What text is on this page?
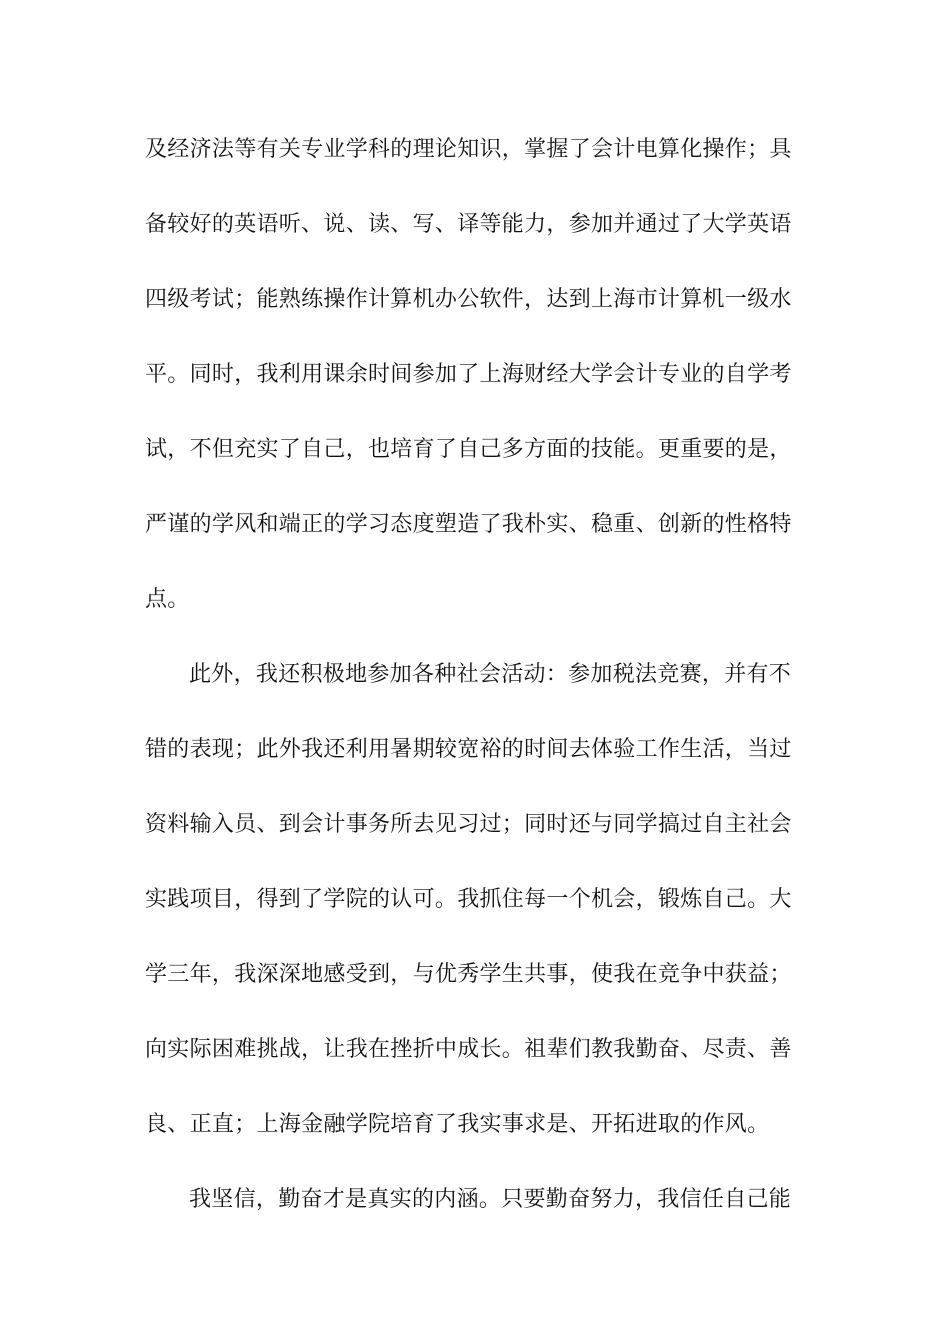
及经济法等有关专业学科的理论知识，掌握了会计电算化操作；具
备较好的英语听、说、读、写、译等能力，参加并通过了大学英语
四级考试；能熟练操作计算机办公软件，达到上海市计算机一级水
平。同时，我利用课余时间参加了上海财经大学会计专业的自学考
试，不但充实了自己，也培育了自己多方面的技能。更重要的是，
严谨的学风和端正的学习态度塑造了我朴实、稳重、创新的性格特
点。
此外，我还积极地参加各种社会活动：参加税法竞赛，并有不
错的表现；此外我还利用暑期较宽裕的时间去体验工作生活，当过
资料输入员、到会计事务所去见习过；同时还与同学搞过自主社会
实践项目，得到了学院的认可。我抓住每一个机会，锻炼自己。大
学三年，我深深地感受到，与优秀学生共事，使我在竞争中获益；
向实际困难挑战，让我在挫折中成长。祖辈们教我勤奋、尽责、善
良、正直；上海金融学院培育了我实事求是、开拓进取的作风。
我坚信，勤奋才是真实的内涵。只要勤奋努力，我信任自己能
